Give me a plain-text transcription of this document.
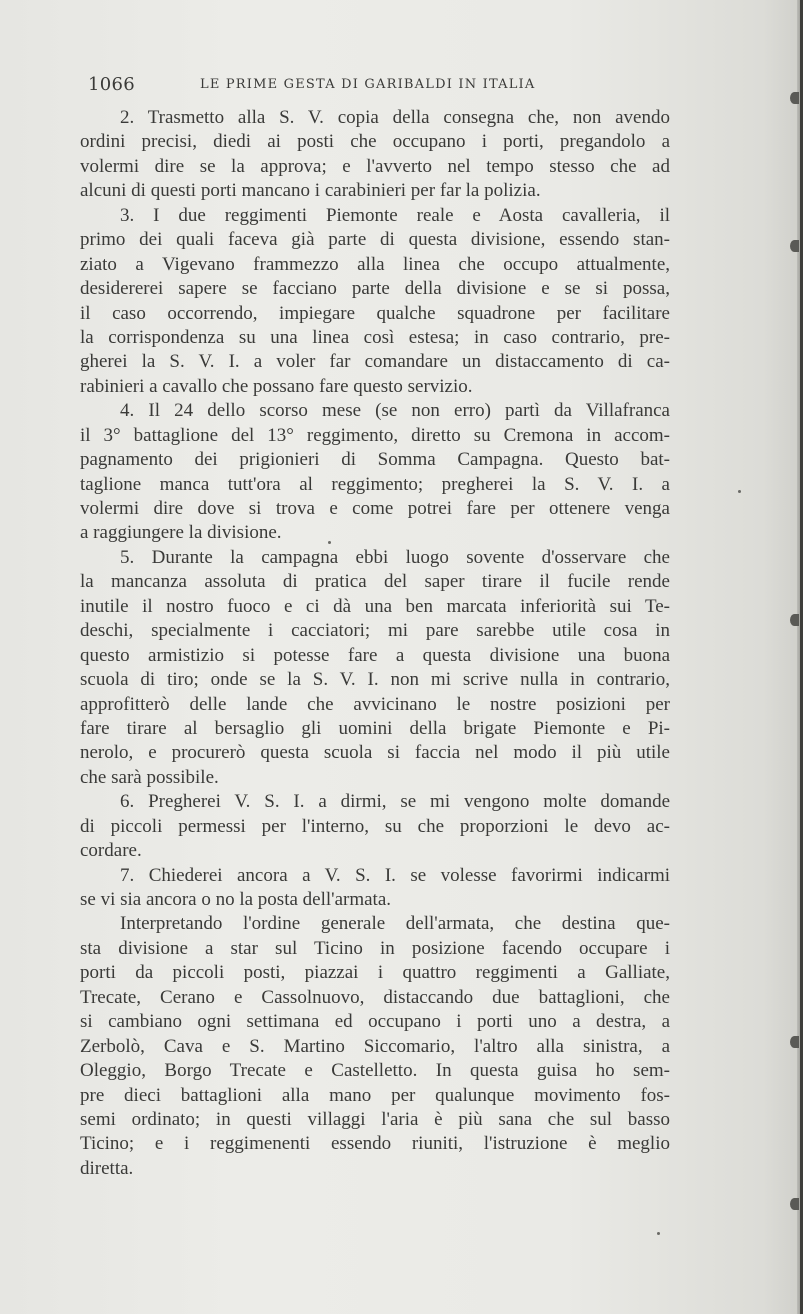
1066	LE PRIME GESTA DI GARIBALDI IN ITALIA
2. Trasmetto alla S. V. copia della consegna che, non avendo
ordini precisi, diedi ai posti che occupano i porti, pregandolo a
volermi dire se la approva; e l'avverto nel tempo stesso che ad
alcuni di questi porti mancano i carabinieri per far la polizia.
3. I due reggimenti Piemonte reale e Aosta cavalleria, il
primo dei quali faceva già parte di questa divisione, essendo stan-
ziato a Vigevano frammezzo alla linea che occupo attualmente,
desidererei sapere se facciano parte della divisione e se si possa,
il caso occorrendo, impiegare qualche squadrone per facilitare
la corrispondenza su una linea così estesa; in caso contrario, pre-
gherei la S. V. I. a voler far comandare un distaccamento di ca-
rabinieri a cavallo che possano fare questo servizio.
4. Il 24 dello scorso mese (se non erro) partì da Villafranca
il 3° battaglione del 13° reggimento, diretto su Cremona in accom-
pagnamento dei prigionieri di Somma Campagna. Questo bat-
taglione manca tutt'ora al reggimento; pregherei la S. V. I. a
volermi dire dove si trova e come potrei fare per ottenere venga
a raggiungere la divisione.
5. Durante la campagna ebbi luogo sovente d'osservare che
la mancanza assoluta di pratica del saper tirare il fucile rende
inutile il nostro fuoco e ci dà una ben marcata inferiorità sui Te-
deschi, specialmente i cacciatori; mi pare sarebbe utile cosa in
questo armistizio si potesse fare a questa divisione una buona
scuola di tiro; onde se la S. V. I. non mi scrive nulla in contrario,
approfitterò delle lande che avvicinano le nostre posizioni per
fare tirare al bersaglio gli uomini della brigate Piemonte e Pi-
nerolo, e procurerò questa scuola si faccia nel modo il più utile
che sarà possibile.
6. Pregherei V. S. I. a dirmi, se mi vengono molte domande
di piccoli permessi per l'interno, su che proporzioni le devo ac-
cordare.
7. Chiederei ancora a V. S. I. se volesse favorirmi indicarmi
se vi sia ancora o no la posta dell'armata.
Interpretando l'ordine generale dell'armata, che destina que-
sta divisione a star sul Ticino in posizione facendo occupare i
porti da piccoli posti, piazzai i quattro reggimenti a Galliate,
Trecate, Cerano e Cassolnuovo, distaccando due battaglioni, che
si cambiano ogni settimana ed occupano i porti uno a destra, a
Zerbolò, Cava e S. Martino Siccomario, l'altro alla sinistra, a
Oleggio, Borgo Trecate e Castelletto. In questa guisa ho sem-
pre dieci battaglioni alla mano per qualunque movimento fos-
semi ordinato; in questi villaggi l'aria è più sana che sul basso
Ticino; e i reggimenenti essendo riuniti, l'istruzione è meglio
diretta.
